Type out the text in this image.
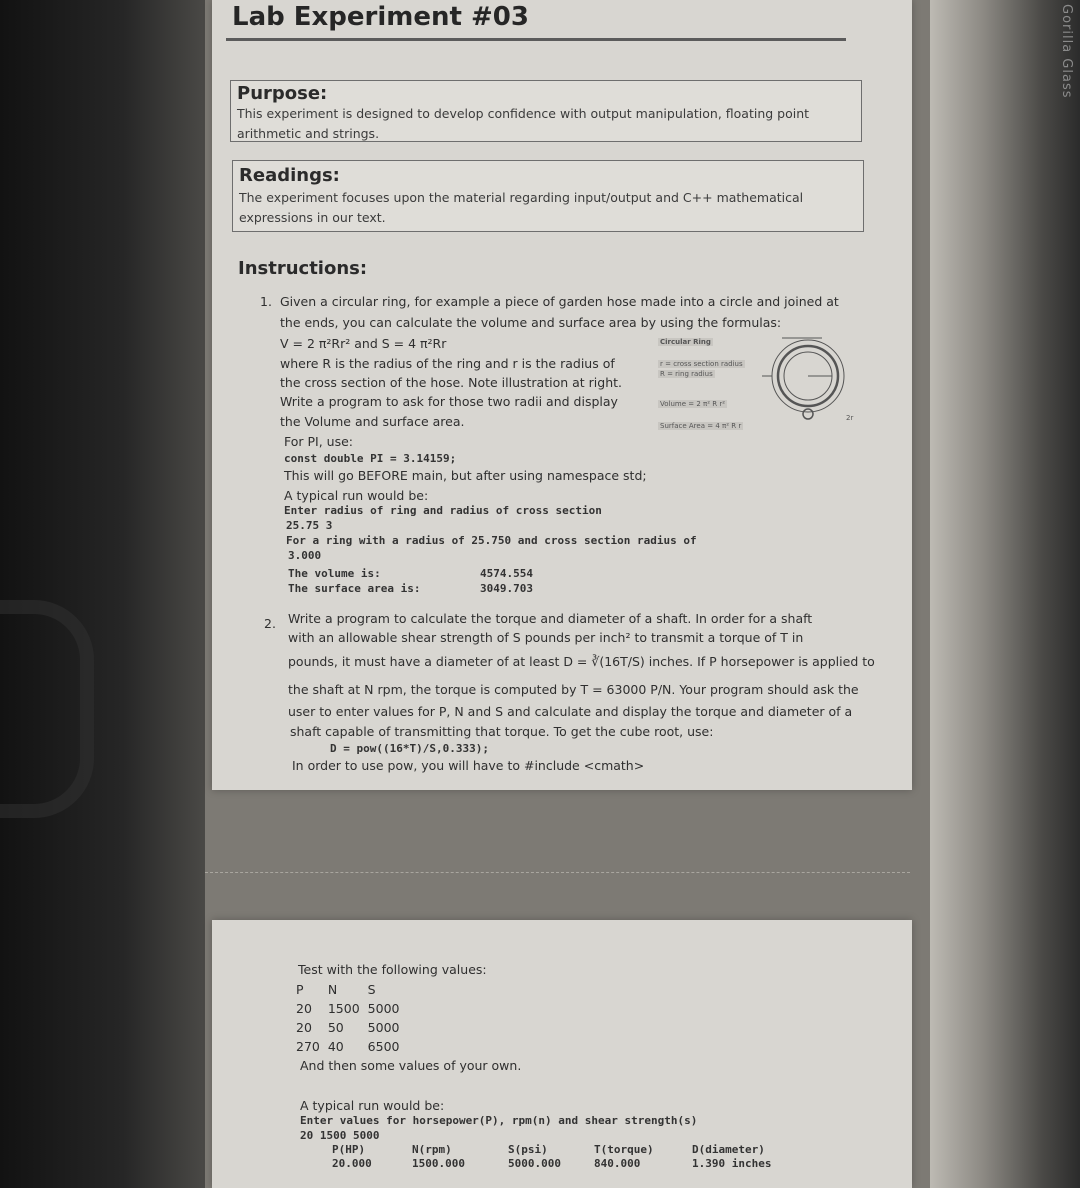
Gorilla Glass
Lab Experiment #03
Purpose:

This experiment is designed to develop confidence with output manipulation, floating point arithmetic and strings.

Readings:

The experiment focuses upon the material regarding input/output and C++ mathematical expressions in our text.

Instructions:
1. Given a circular ring, for example a piece of garden hose made into a circle and joined at
the ends, you can calculate the volume and surface area by using the formulas:
V = 2 π²Rr² and S = 4 π²Rr
where R is the radius of the ring and r is the radius of
the cross section of the hose. Note illustration at right.
Write a program to ask for those two radii and display
the Volume and surface area.
For PI, use:
const double PI = 3.14159;
This will go BEFORE main, but after using namespace std;
A typical run would be:
Enter radius of ring and radius of cross section
25.75 3
For a ring with a radius of 25.750 and cross section radius of
3.000
The volume is:	4574.554
The surface area is:	3049.703
Circular Ring
r = cross section radius
R = ring radius
Volume = 2 π² R r²
Surface Area = 4 π² R r
2r
2. Write a program to calculate the torque and diameter of a shaft. In order for a shaft
with an allowable shear strength of S pounds per inch² to transmit a torque of T in
pounds, it must have a diameter of at least D = ∛(16T/S) inches. If P horsepower is applied to
the shaft at N rpm, the torque is computed by T = 63000 P/N. Your program should ask the
user to enter values for P, N and S and calculate and display the torque and diameter of a
shaft capable of transmitting that torque. To get the cube root, use:
D = pow((16*T)/S,0.333);
In order to use pow, you will have to #include <cmath>
Test with the following values:
P	N	S
20	1500	5000
20	50	5000
270	40	6500
And then some values of your own.
A typical run would be:
Enter values for horsepower(P), rpm(n) and shear strength(s)
20 1500 5000
P(HP)	N(rpm)	S(psi)	T(torque)	D(diameter)
20.000	1500.000	5000.000	840.000	1.390 inches
